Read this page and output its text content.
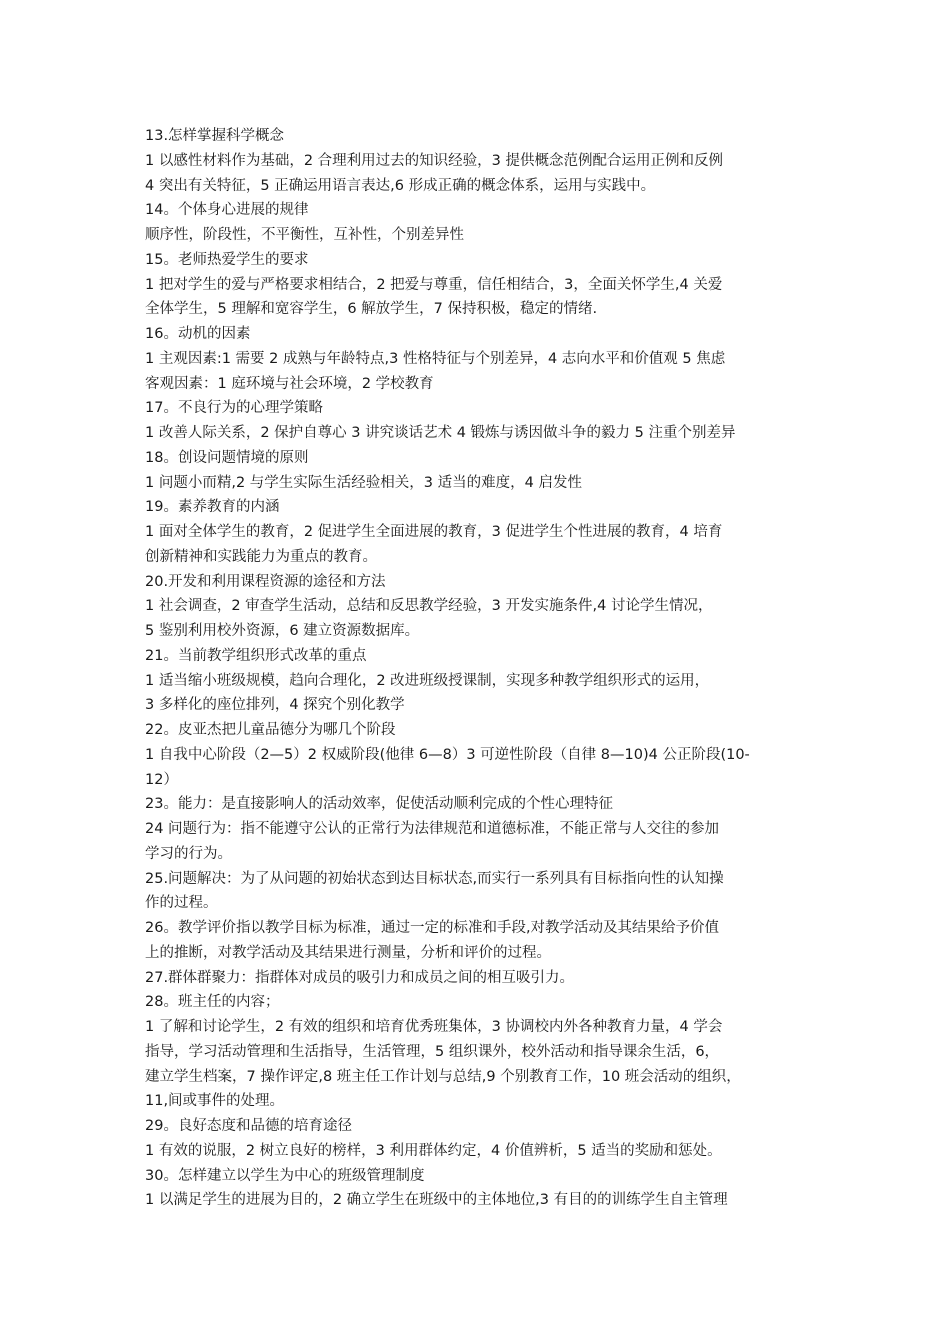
13.怎样掌握科学概念
1 以感性材料作为基础，2 合理利用过去的知识经验，3 提供概念范例配合运用正例和反例
4 突出有关特征，5 正确运用语言表达,6 形成正确的概念体系，运用与实践中。
14。个体身心进展的规律
顺序性，阶段性，不平衡性，互补性，个别差异性
15。老师热爱学生的要求
1 把对学生的爱与严格要求相结合，2 把爱与尊重，信任相结合，3，全面关怀学生,4 关爱
全体学生，5 理解和宽容学生，6 解放学生，7 保持积极，稳定的情绪.
16。动机的因素
1 主观因素:1 需要 2 成熟与年龄特点,3 性格特征与个别差异，4 志向水平和价值观 5 焦虑
客观因素：1 庭环境与社会环境，2 学校教育
17。不良行为的心理学策略
1 改善人际关系，2 保护自尊心 3 讲究谈话艺术 4 锻炼与诱因做斗争的毅力 5 注重个别差异
18。创设问题情境的原则
1 问题小而精,2 与学生实际生活经验相关，3 适当的难度，4 启发性
19。素养教育的内涵
1 面对全体学生的教育，2 促进学生全面进展的教育，3 促进学生个性进展的教育，4 培育
创新精神和实践能力为重点的教育。
20.开发和利用课程资源的途径和方法
1 社会调查，2 审查学生活动，总结和反思教学经验，3 开发实施条件,4 讨论学生情况，
5 鉴别利用校外资源，6 建立资源数据库。
21。当前教学组织形式改革的重点
1 适当缩小班级规模，趋向合理化，2 改进班级授课制，实现多种教学组织形式的运用，
3 多样化的座位排列，4 探究个别化教学
22。皮亚杰把儿童品德分为哪几个阶段
1 自我中心阶段（2—5）2 权威阶段(他律 6—8）3 可逆性阶段（自律 8—10)4 公正阶段(10-
12）
23。能力：是直接影响人的活动效率，促使活动顺利完成的个性心理特征
24 问题行为：指不能遵守公认的正常行为法律规范和道德标准，不能正常与人交往的参加
学习的行为。
25.问题解决：为了从问题的初始状态到达目标状态,而实行一系列具有目标指向性的认知操
作的过程。
26。教学评价指以教学目标为标准，通过一定的标准和手段,对教学活动及其结果给予价值
上的推断，对教学活动及其结果进行测量，分析和评价的过程。
27.群体群聚力：指群体对成员的吸引力和成员之间的相互吸引力。
28。班主任的内容；
1 了解和讨论学生，2 有效的组织和培育优秀班集体，3 协调校内外各种教育力量，4 学会
指导，学习活动管理和生活指导，生活管理，5 组织课外，校外活动和指导课余生活，6，
建立学生档案，7 操作评定,8 班主任工作计划与总结,9 个别教育工作，10 班会活动的组织，
11,间或事件的处理。
29。良好态度和品德的培育途径
1 有效的说服，2 树立良好的榜样，3 利用群体约定，4 价值辨析，5 适当的奖励和惩处。
30。怎样建立以学生为中心的班级管理制度
1 以满足学生的进展为目的，2 确立学生在班级中的主体地位,3 有目的的训练学生自主管理
